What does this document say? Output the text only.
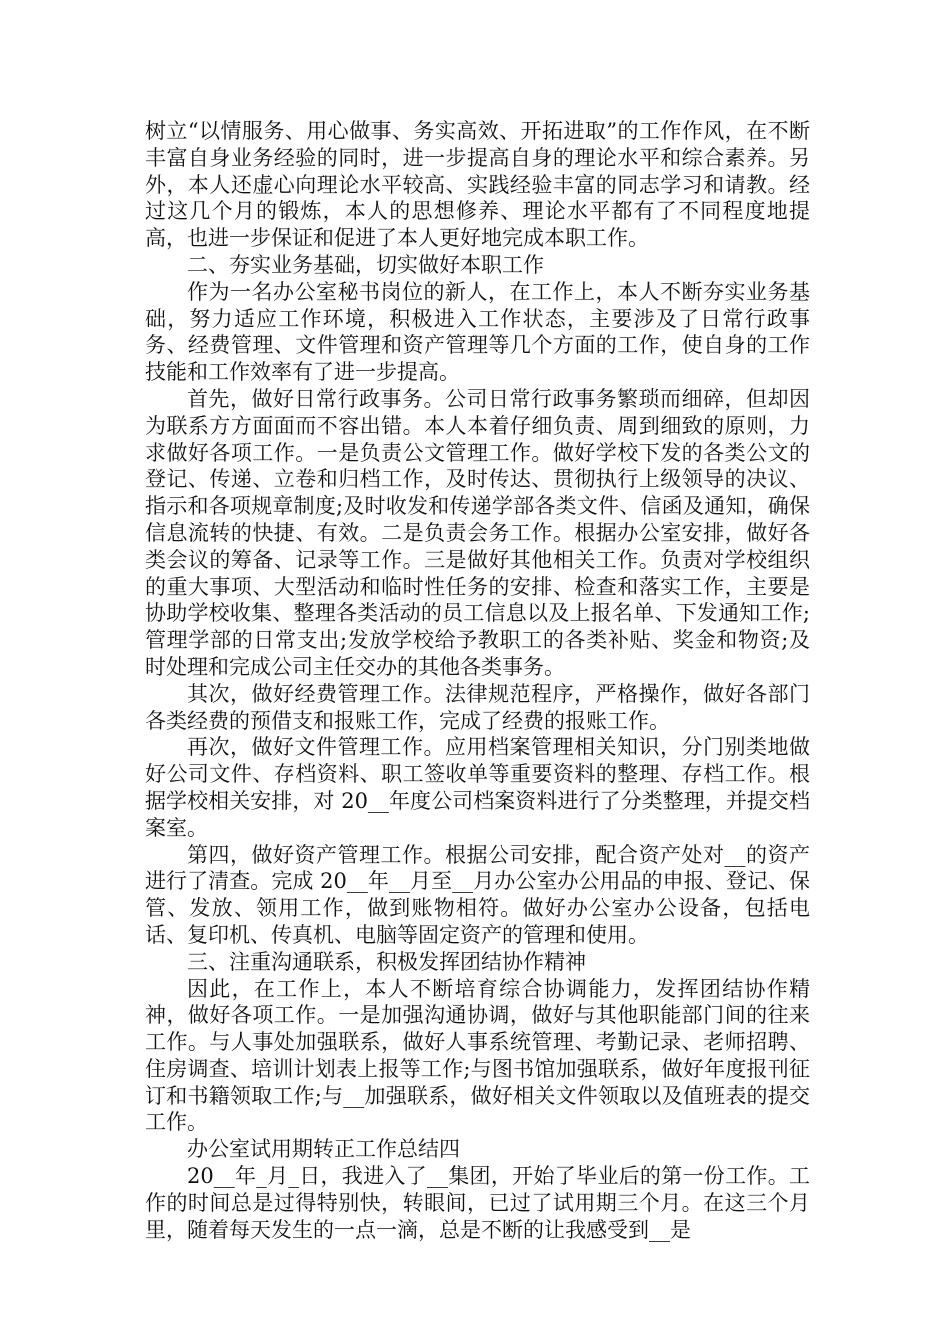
树立“以情服务、用心做事、务实高效、开拓进取”的工作作风，在不断丰富自身业务经验的同时，进一步提高自身的理论水平和综合素养。另外，本人还虚心向理论水平较高、实践经验丰富的同志学习和请教。经过这几个月的锻炼，本人的思想修养、理论水平都有了不同程度地提高，也进一步保证和促进了本人更好地完成本职工作。

二、夯实业务基础，切实做好本职工作

作为一名办公室秘书岗位的新人，在工作上，本人不断夯实业务基础，努力适应工作环境，积极进入工作状态，主要涉及了日常行政事务、经费管理、文件管理和资产管理等几个方面的工作，使自身的工作技能和工作效率有了进一步提高。

首先，做好日常行政事务。公司日常行政事务繁琐而细碎，但却因为联系方方面面而不容出错。本人本着仔细负责、周到细致的原则，力求做好各项工作。一是负责公文管理工作。做好学校下发的各类公文的登记、传递、立卷和归档工作，及时传达、贯彻执行上级领导的决议、指示和各项规章制度;及时收发和传递学部各类文件、信函及通知，确保信息流转的快捷、有效。二是负责会务工作。根据办公室安排，做好各类会议的筹备、记录等工作。三是做好其他相关工作。负责对学校组织的重大事项、大型活动和临时性任务的安排、检查和落实工作，主要是协助学校收集、整理各类活动的员工信息以及上报名单、下发通知工作;管理学部的日常支出;发放学校给予教职工的各类补贴、奖金和物资;及时处理和完成公司主任交办的其他各类事务。

其次，做好经费管理工作。法律规范程序，严格操作，做好各部门各类经费的预借支和报账工作，完成了经费的报账工作。

再次，做好文件管理工作。应用档案管理相关知识，分门别类地做好公司文件、存档资料、职工签收单等重要资料的整理、存档工作。根据学校相关安排，对 20__年度公司档案资料进行了分类整理，并提交档案室。

第四，做好资产管理工作。根据公司安排，配合资产处对__的资产进行了清查。完成 20__年__月至__月办公室办公用品的申报、登记、保管、发放、领用工作，做到账物相符。做好办公室办公设备，包括电话、复印机、传真机、电脑等固定资产的管理和使用。

三、注重沟通联系，积极发挥团结协作精神

因此，在工作上，本人不断培育综合协调能力，发挥团结协作精神，做好各项工作。一是加强沟通协调，做好与其他职能部门间的往来工作。与人事处加强联系，做好人事系统管理、考勤记录、老师招聘、住房调查、培训计划表上报等工作;与图书馆加强联系，做好年度报刊征订和书籍领取工作;与__加强联系，做好相关文件领取以及值班表的提交工作。

办公室试用期转正工作总结四

20__年_月_日，我进入了__集团，开始了毕业后的第一份工作。工作的时间总是过得特别快，转眼间，已过了试用期三个月。在这三个月里，随着每天发生的一点一滴，总是不断的让我感受到__是
